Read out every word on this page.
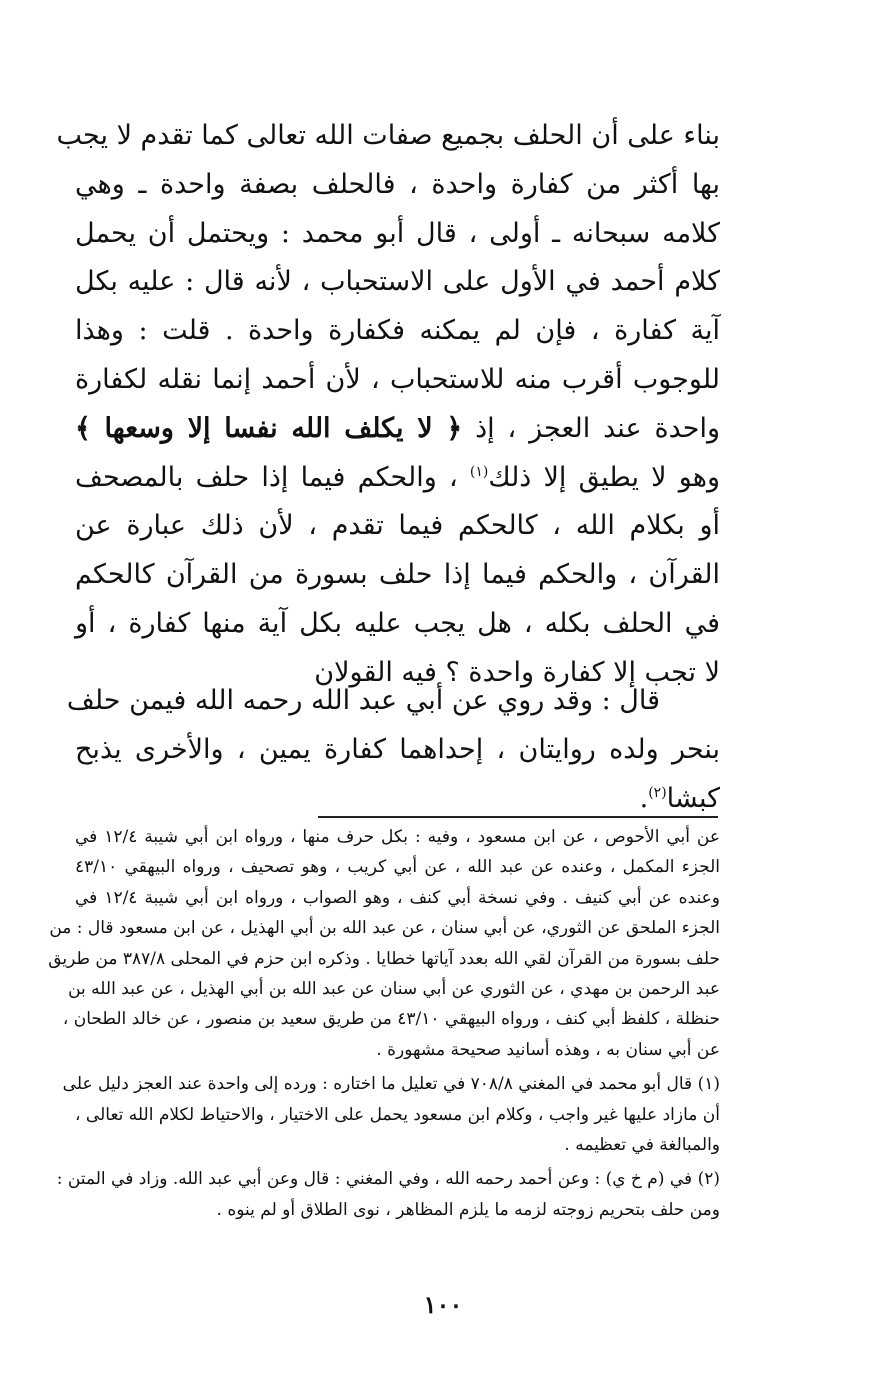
بناء على أن الحلف بجميع صفات الله تعالى كما تقدم لا يجب
بها أكثر من كفارة واحدة ، فالحلف بصفة واحدة ـ وهي
كلامه سبحانه ـ أولى ، قال أبو محمد : ويحتمل أن يحمل
كلام أحمد في الأول على الاستحباب ، لأنه قال : عليه بكل
آية كفارة ، فإن لم يمكنه فكفارة واحدة . قلت : وهذا
للوجوب أقرب منه للاستحباب ، لأن أحمد إنما نقله لكفارة
واحدة عند العجز ، إذ ﴿ لا يكلف الله نفسا إلا وسعها ﴾
وهو لا يطيق إلا ذلك$^{(١)}$ ، والحكم فيما إذا حلف بالمصحف
أو بكلام الله ، كالحكم فيما تقدم ، لأن ذلك عبارة عن
القرآن ، والحكم فيما إذا حلف بسورة من القرآن كالحكم
في الحلف بكله ، هل يجب عليه بكل آية منها كفارة ، أو
لا تجب إلا كفارة واحدة ؟ فيه القولان
قال : وقد روي عن أبي عبد الله رحمه الله فيمن حلف
بنحر ولده روايتان ، إحداهما كفارة يمين ، والأخرى يذبح
كبشا$^{(٢)}$.
عن أبي الأحوص ، عن ابن مسعود ، وفيه : بكل حرف منها ، ورواه ابن أبي شيبة ١٢/٤ في
الجزء المكمل ، وعنده عن عبد الله ، عن أبي كريب ، وهو تصحيف ، ورواه البيهقي ٤٣/١٠
وعنده عن أبي كنيف . وفي نسخة أبي كنف ، وهو الصواب ، ورواه ابن أبي شيبة ١٢/٤ في
الجزء الملحق عن الثوري، عن أبي سنان ، عن عبد الله بن أبي الهذيل ، عن ابن مسعود قال : من
حلف بسورة من القرآن لقي الله بعدد آياتها خطايا . وذكره ابن حزم في المحلى ٣٨٧/٨ من طريق
عبد الرحمن بن مهدي ، عن الثوري عن أبي سنان عن عبد الله بن أبي الهذيل ، عن عبد الله بن
حنظلة ، كلفظ أبي كنف ، ورواه البيهقي ٤٣/١٠ من طريق سعيد بن منصور ، عن خالد الطحان ،
عن أبي سنان به ، وهذه أسانيد صحيحة مشهورة .
(١) قال أبو محمد في المغني ٧٠٨/٨ في تعليل ما اختاره : ورده إلى واحدة عند العجز دليل على
أن مازاد عليها غير واجب ، وكلام ابن مسعود يحمل على الاختيار ، والاحتياط لكلام الله تعالى ،
والمبالغة في تعظيمه .
(٢) في (م خ ي) : وعن أحمد رحمه الله ، وفي المغني : قال وعن أبي عبد الله. وزاد في المتن :
ومن حلف بتحريم زوجته لزمه ما يلزم المظاهر ، نوى الطلاق أو لم ينوه .
١٠٠
